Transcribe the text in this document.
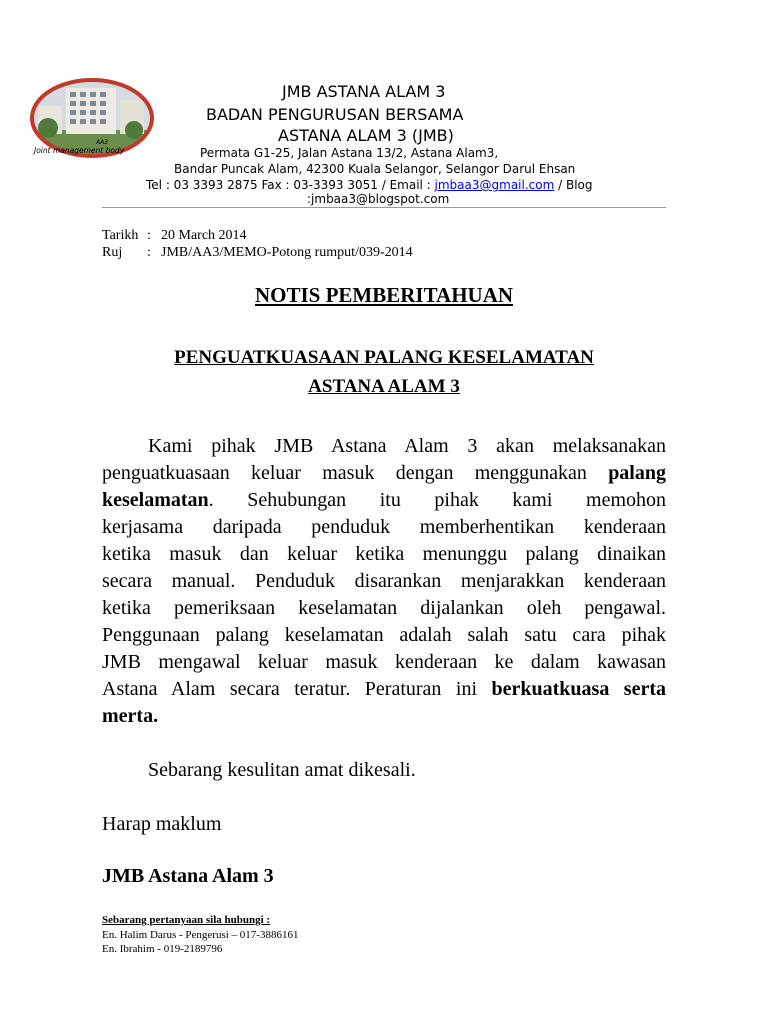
AA3
Joint management body
JMB ASTANA ALAM 3
BADAN PENGURUSAN BERSAMA
ASTANA ALAM 3 (JMB)
Permata G1-25, Jalan Astana 13/2, Astana Alam3,
Bandar Puncak Alam, 42300 Kuala Selangor, Selangor Darul Ehsan
Tel : 03 3393 2875 Fax : 03-3393 3051 / Email : jmbaa3@gmail.com / Blog
:jmbaa3@blogspot.com
Tarikh : 20 March 2014
Ruj : JMB/AA3/MEMO-Potong rumput/039-2014
NOTIS PEMBERITAHUAN
PENGUATKUASAAN PALANG KESELAMATAN
ASTANA ALAM 3
Kami pihak JMB Astana Alam 3 akan melaksanakan
penguatkuasaan keluar masuk dengan menggunakan palang
keselamatan. Sehubungan itu pihak kami memohon
kerjasama daripada penduduk memberhentikan kenderaan
ketika masuk dan keluar ketika menunggu palang dinaikan
secara manual. Penduduk disarankan menjarakkan kenderaan
ketika pemeriksaan keselamatan dijalankan oleh pengawal.
Penggunaan palang keselamatan adalah salah satu cara pihak
JMB mengawal keluar masuk kenderaan ke dalam kawasan
Astana Alam secara teratur. Peraturan ini berkuatkuasa serta
merta.
Sebarang kesulitan amat dikesali.
Harap maklum
JMB Astana Alam 3
Sebarang pertanyaan sila hubungi :
En. Halim Darus - Pengerusi – 017-3886161
En. Ibrahim - 019-2189796
